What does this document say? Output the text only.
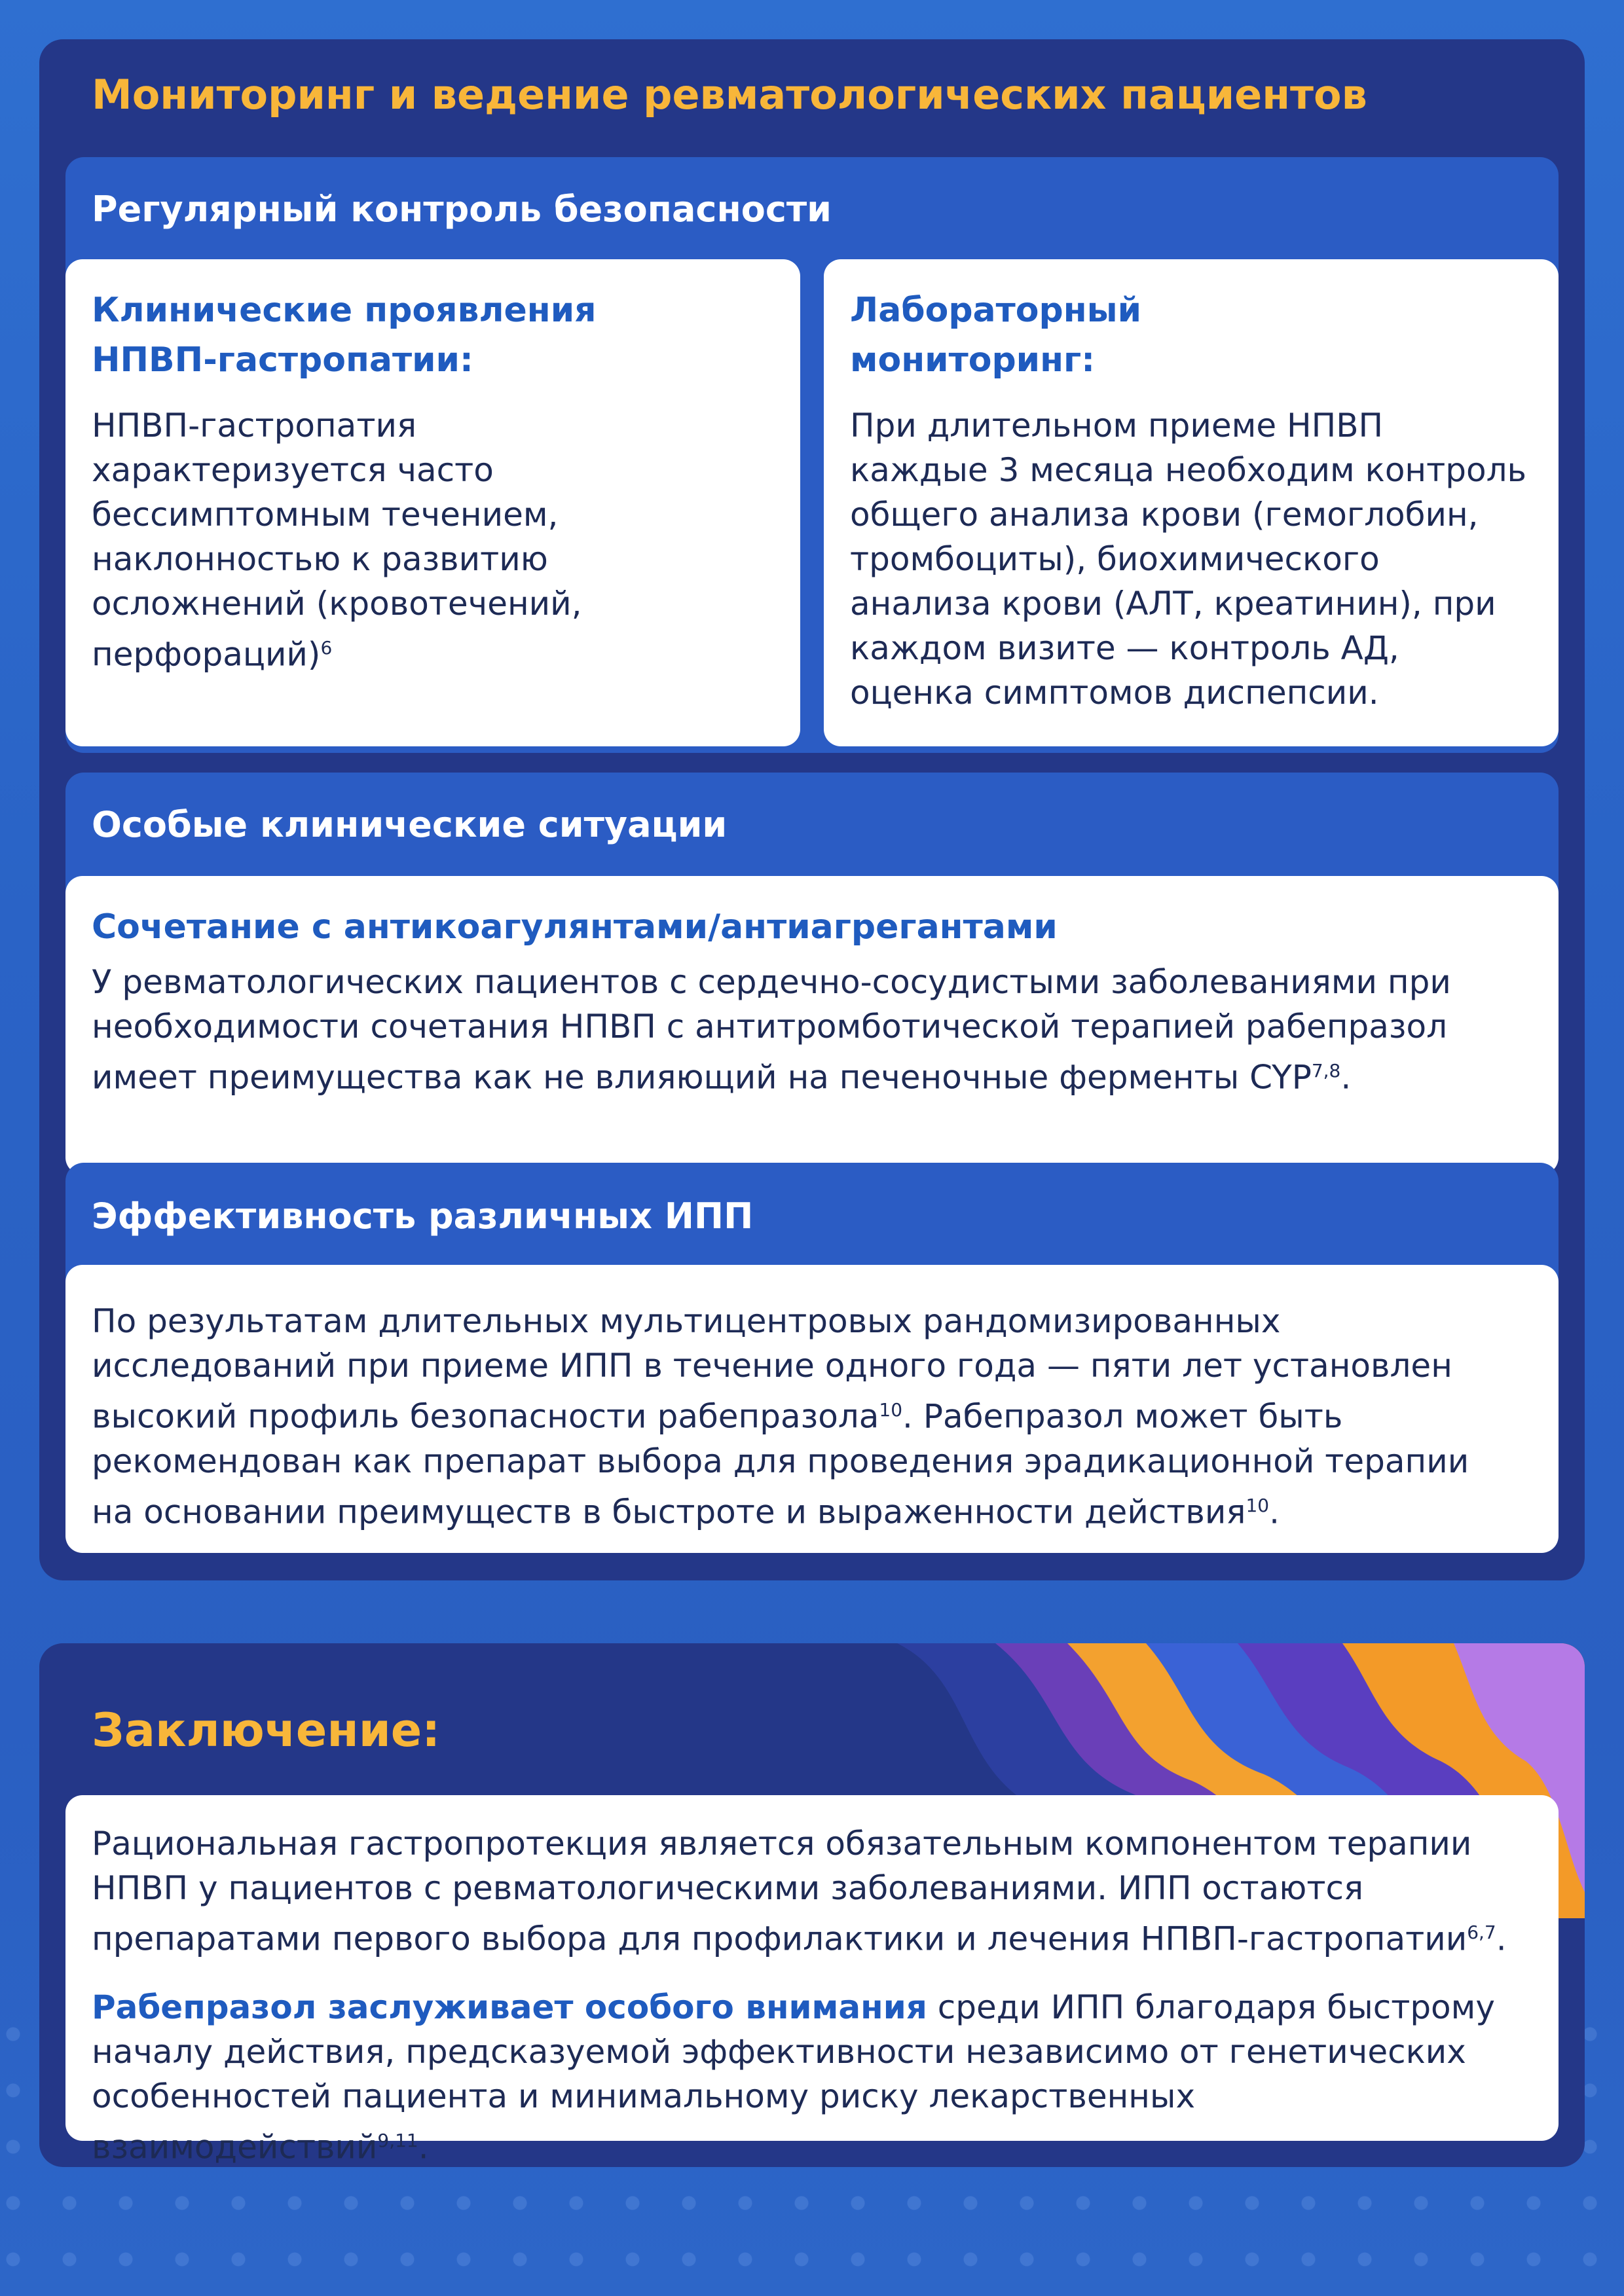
Мониторинг и ведение ревматологических пациентов
Регулярный контроль безопасности
Клинические проявления НПВП-гастропатии:
НПВП-гастропатия характеризуется часто бессимптомным течением, наклонностью к развитию осложнений (кровотечений, перфораций)$^6$
Лабораторный мониторинг:
При длительном приеме НПВП каждые 3 месяца необходим контроль общего анализа крови (гемоглобин, тромбоциты), биохимического анализа крови (АЛТ, креатинин), при каждом визите — контроль АД, оценка симптомов диспепсии.
Особые клинические ситуации
Сочетание с антикоагулянтами/антиагрегантами
У ревматологических пациентов с сердечно-сосудистыми заболеваниями при необходимости сочетания НПВП с антитромботической терапией рабепразол имеет преимущества как не влияющий на печеночные ферменты CYP$^{7,8}$.
Эффективность различных ИПП
По результатам длительных мультицентровых рандомизированных исследований при приеме ИПП в течение одного года — пяти лет установлен высокий профиль безопасности рабепразола$^{10}$. Рабепразол может быть рекомендован как препарат выбора для проведения эрадикационной терапии на основании преимуществ в быстроте и выраженности действия$^{10}$.
Заключение:
Рациональная гастропротекция является обязательным компонентом терапии НПВП у пациентов с ревматологическими заболеваниями. ИПП остаются препаратами первого выбора для профилактики и лечения НПВП-гастропатии$^{6,7}$.
Рабепразол заслуживает особого внимания среди ИПП благодаря быстрому началу действия, предсказуемой эффективности независимо от генетических особенностей пациента и минимальному риску лекарственных взаимодействий$^{9,11}$.
